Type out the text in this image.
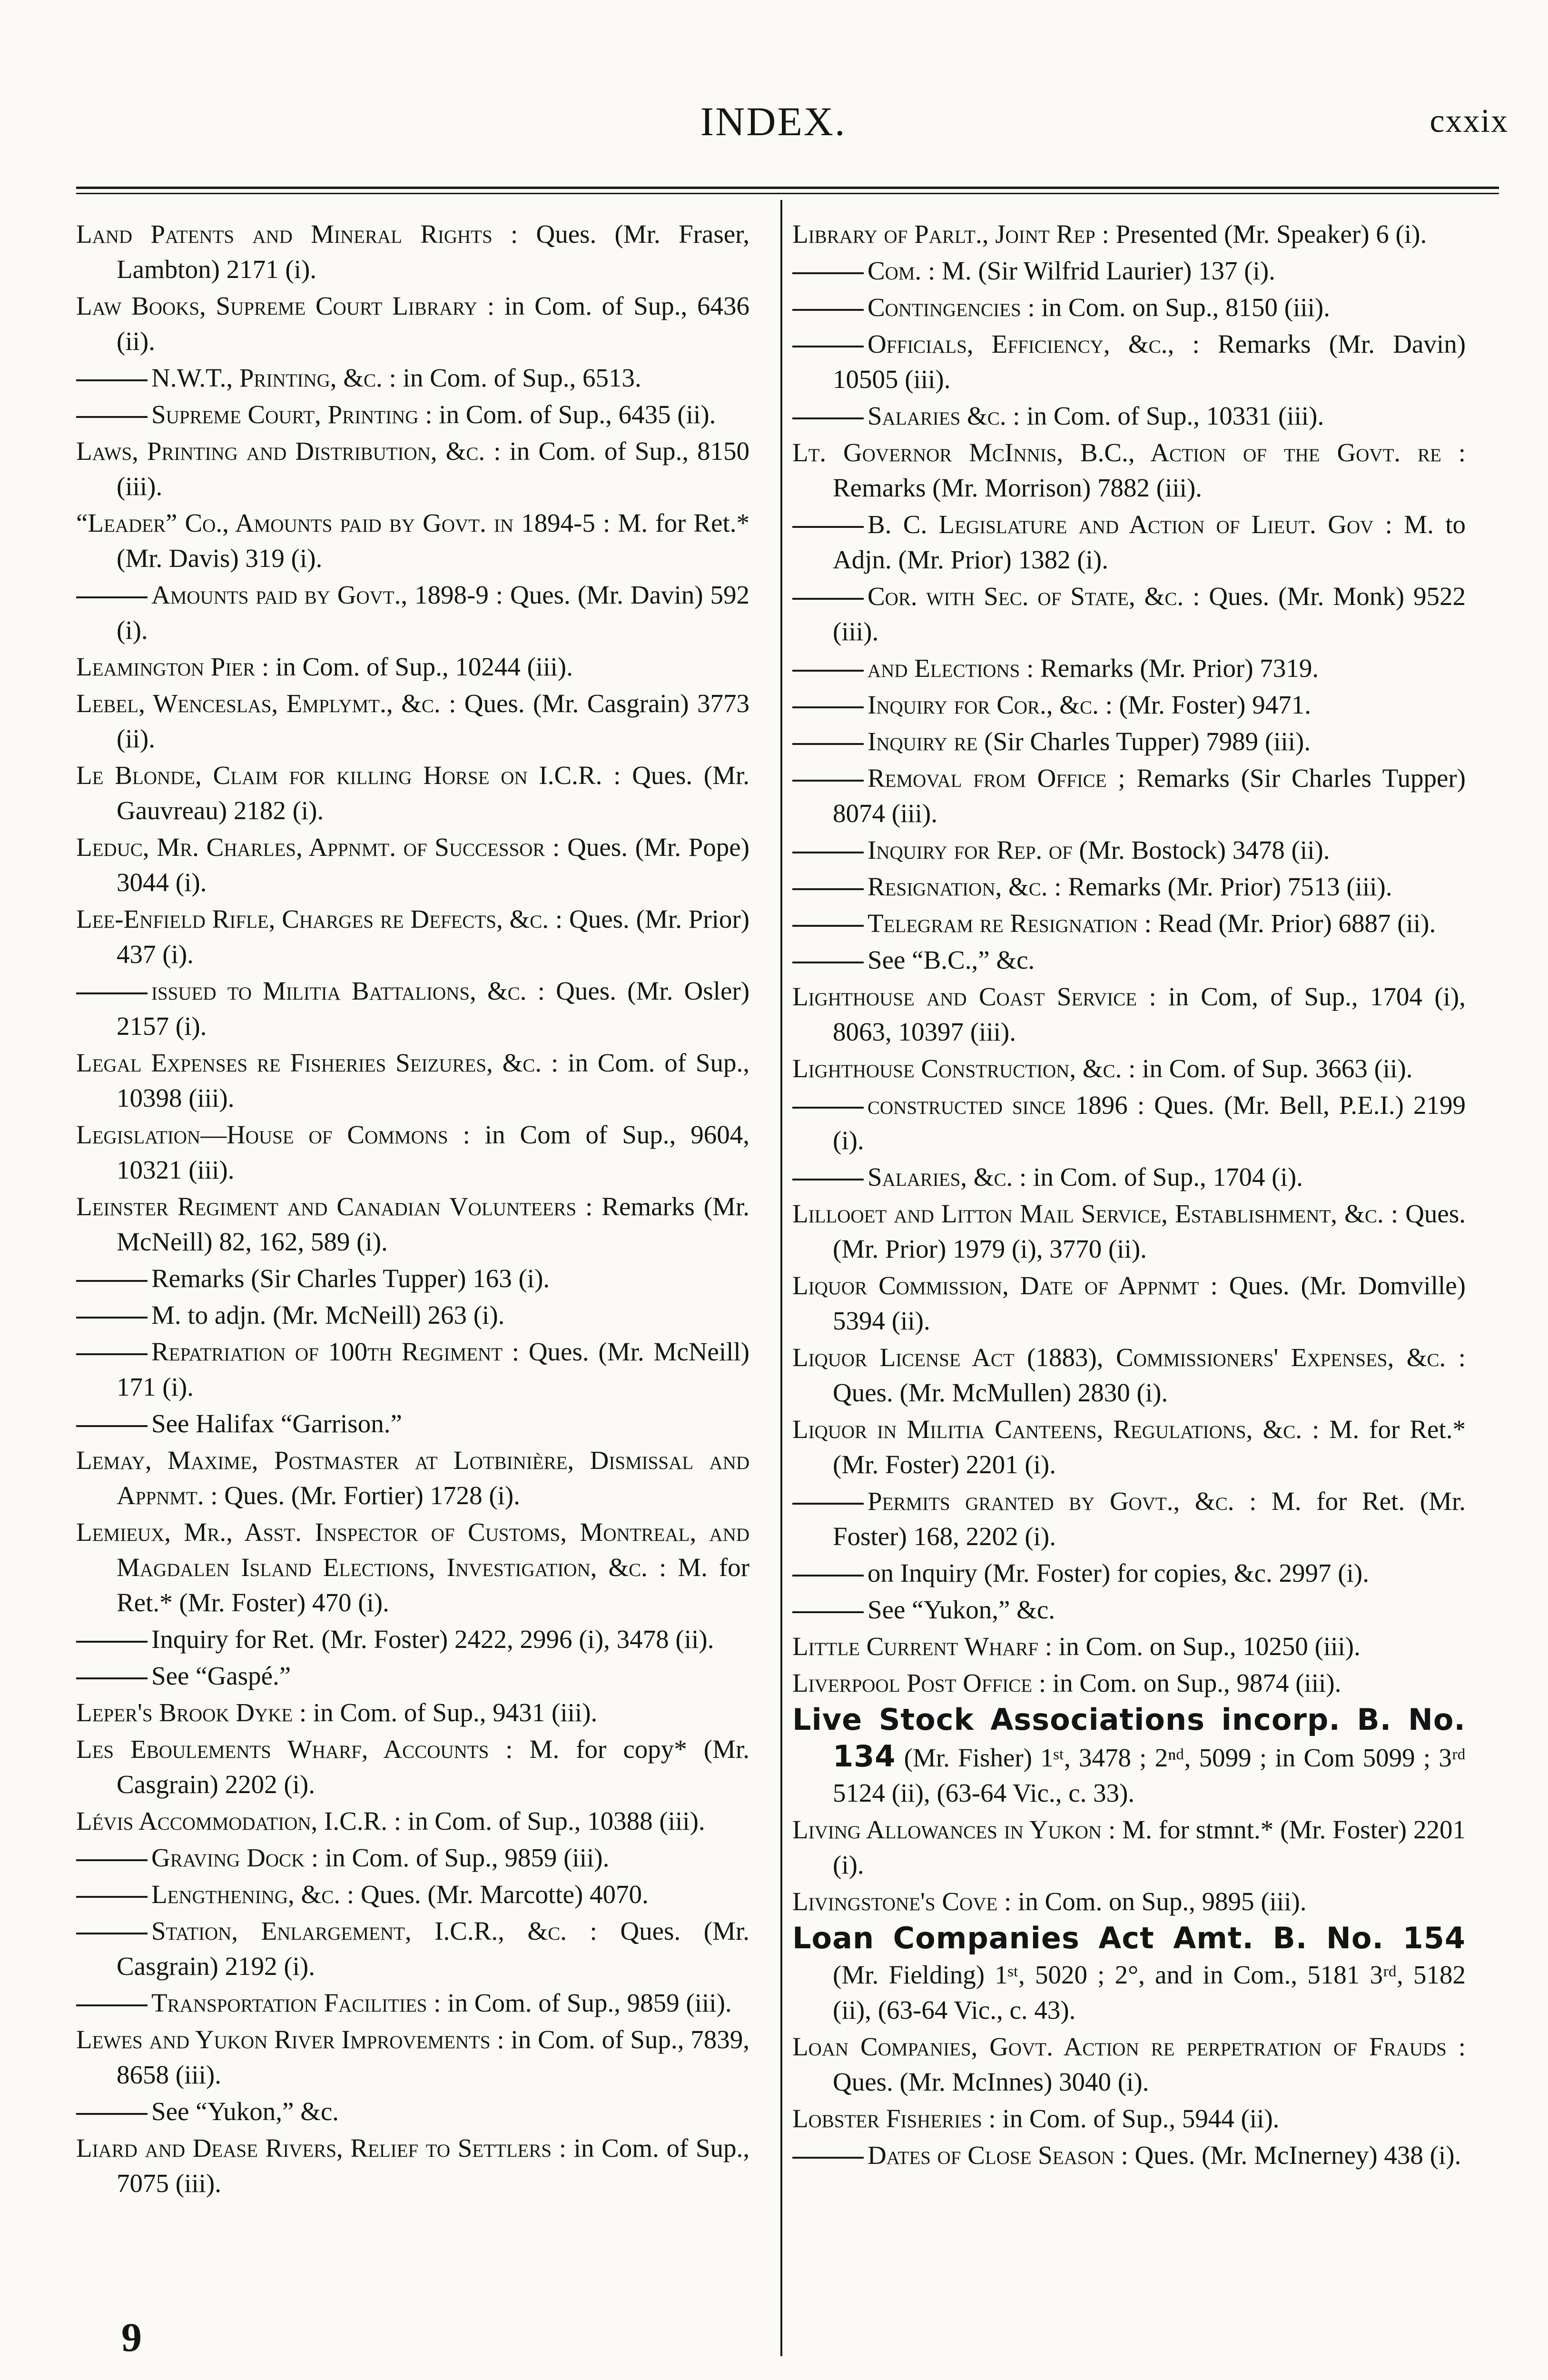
INDEX.	cxxix

Land Patents and Mineral Rights : Ques. (Mr. Fraser, Lambton) 2171 (i).

Law Books, Supreme Court Library : in Com. of Sup., 6436 (ii).

N.W.T., Printing, &c. : in Com. of Sup., 6513.

Supreme Court, Printing : in Com. of Sup., 6435 (ii).

Laws, Printing and Distribution, &c. : in Com. of Sup., 8150 (iii).

“Leader” Co., Amounts paid by Govt. in 1894-5 : M. for Ret.* (Mr. Davis) 319 (i).

Amounts paid by Govt., 1898-9 : Ques. (Mr. Davin) 592 (i).

Leamington Pier : in Com. of Sup., 10244 (iii).

Lebel, Wenceslas, Emplymt., &c. : Ques. (Mr. Casgrain) 3773 (ii).

Le Blonde, Claim for killing Horse on I.C.R. : Ques. (Mr. Gauvreau) 2182 (i).

Leduc, Mr. Charles, Appnmt. of Successor : Ques. (Mr. Pope) 3044 (i).

Lee-Enfield Rifle, Charges re Defects, &c. : Ques. (Mr. Prior) 437 (i).

issued to Militia Battalions, &c. : Ques. (Mr. Osler) 2157 (i).

Legal Expenses re Fisheries Seizures, &c. : in Com. of Sup., 10398 (iii).

Legislation—House of Commons : in Com of Sup., 9604, 10321 (iii).

Leinster Regiment and Canadian Volunteers : Remarks (Mr. McNeill) 82, 162, 589 (i).

Remarks (Sir Charles Tupper) 163 (i).

M. to adjn. (Mr. McNeill) 263 (i).

Repatriation of 100th Regiment : Ques. (Mr. McNeill) 171 (i).

See Halifax “Garrison.”

Lemay, Maxime, Postmaster at Lotbinière, Dismissal and Appnmt. : Ques. (Mr. Fortier) 1728 (i).

Lemieux, Mr., Asst. Inspector of Customs, Montreal, and Magdalen Island Elections, Investigation, &c. : M. for Ret.* (Mr. Foster) 470 (i).

Inquiry for Ret. (Mr. Foster) 2422, 2996 (i), 3478 (ii).

See “Gaspé.”

Leper's Brook Dyke : in Com. of Sup., 9431 (iii).

Les Eboulements Wharf, Accounts : M. for copy* (Mr. Casgrain) 2202 (i).

Lévis Accommodation, I.C.R. : in Com. of Sup., 10388 (iii).

Graving Dock : in Com. of Sup., 9859 (iii).

Lengthening, &c. : Ques. (Mr. Marcotte) 4070.

Station, Enlargement, I.C.R., &c. : Ques. (Mr. Casgrain) 2192 (i).

Transportation Facilities : in Com. of Sup., 9859 (iii).

Lewes and Yukon River Improvements : in Com. of Sup., 7839, 8658 (iii).

See “Yukon,” &c.

Liard and Dease Rivers, Relief to Settlers : in Com. of Sup., 7075 (iii).

Library of Parlt., Joint Rep : Presented (Mr. Speaker) 6 (i).

Com. : M. (Sir Wilfrid Laurier) 137 (i).

Contingencies : in Com. on Sup., 8150 (iii).

Officials, Efficiency, &c., : Remarks (Mr. Davin) 10505 (iii).

Salaries &c. : in Com. of Sup., 10331 (iii).

Lt. Governor McInnis, B.C., Action of the Govt. re : Remarks (Mr. Morrison) 7882 (iii).

B. C. Legislature and Action of Lieut. Gov : M. to Adjn. (Mr. Prior) 1382 (i).

Cor. with Sec. of State, &c. : Ques. (Mr. Monk) 9522 (iii).

and Elections : Remarks (Mr. Prior) 7319.

Inquiry for Cor., &c. : (Mr. Foster) 9471.

Inquiry re (Sir Charles Tupper) 7989 (iii).

Removal from Office ; Remarks (Sir Charles Tupper) 8074 (iii).

Inquiry for Rep. of (Mr. Bostock) 3478 (ii).

Resignation, &c. : Remarks (Mr. Prior) 7513 (iii).

Telegram re Resignation : Read (Mr. Prior) 6887 (ii).

See “B.C.,” &c.

Lighthouse and Coast Service : in Com, of Sup., 1704 (i), 8063, 10397 (iii).

Lighthouse Construction, &c. : in Com. of Sup. 3663 (ii).

constructed since 1896 : Ques. (Mr. Bell, P.E.I.) 2199 (i).

Salaries, &c. : in Com. of Sup., 1704 (i).

Lillooet and Litton Mail Service, Establishment, &c. : Ques. (Mr. Prior) 1979 (i), 3770 (ii).

Liquor Commission, Date of Appnmt : Ques. (Mr. Domville) 5394 (ii).

Liquor License Act (1883), Commissioners' Expenses, &c. : Ques. (Mr. McMullen) 2830 (i).

Liquor in Militia Canteens, Regulations, &c. : M. for Ret.* (Mr. Foster) 2201 (i).

Permits granted by Govt., &c. : M. for Ret. (Mr. Foster) 168, 2202 (i).

on Inquiry (Mr. Foster) for copies, &c. 2997 (i).

See “Yukon,” &c.

Little Current Wharf : in Com. on Sup., 10250 (iii).

Liverpool Post Office : in Com. on Sup., 9874 (iii).

Live Stock Associations incorp. B. No. 134 (Mr. Fisher) 1ˢᵗ, 3478 ; 2ⁿᵈ, 5099 ; in Com 5099 ; 3ʳᵈ 5124 (ii), (63-64 Vic., c. 33).

Living Allowances in Yukon : M. for stmnt.* (Mr. Foster) 2201 (i).

Livingstone's Cove : in Com. on Sup., 9895 (iii).

Loan Companies Act Amt. B. No. 154 (Mr. Fielding) 1ˢᵗ, 5020 ; 2°, and in Com., 5181 3ʳᵈ, 5182 (ii), (63-64 Vic., c. 43).

Loan Companies, Govt. Action re perpetration of Frauds : Ques. (Mr. McInnes) 3040 (i).

Lobster Fisheries : in Com. of Sup., 5944 (ii).

Dates of Close Season : Ques. (Mr. McInerney) 438 (i).

9
